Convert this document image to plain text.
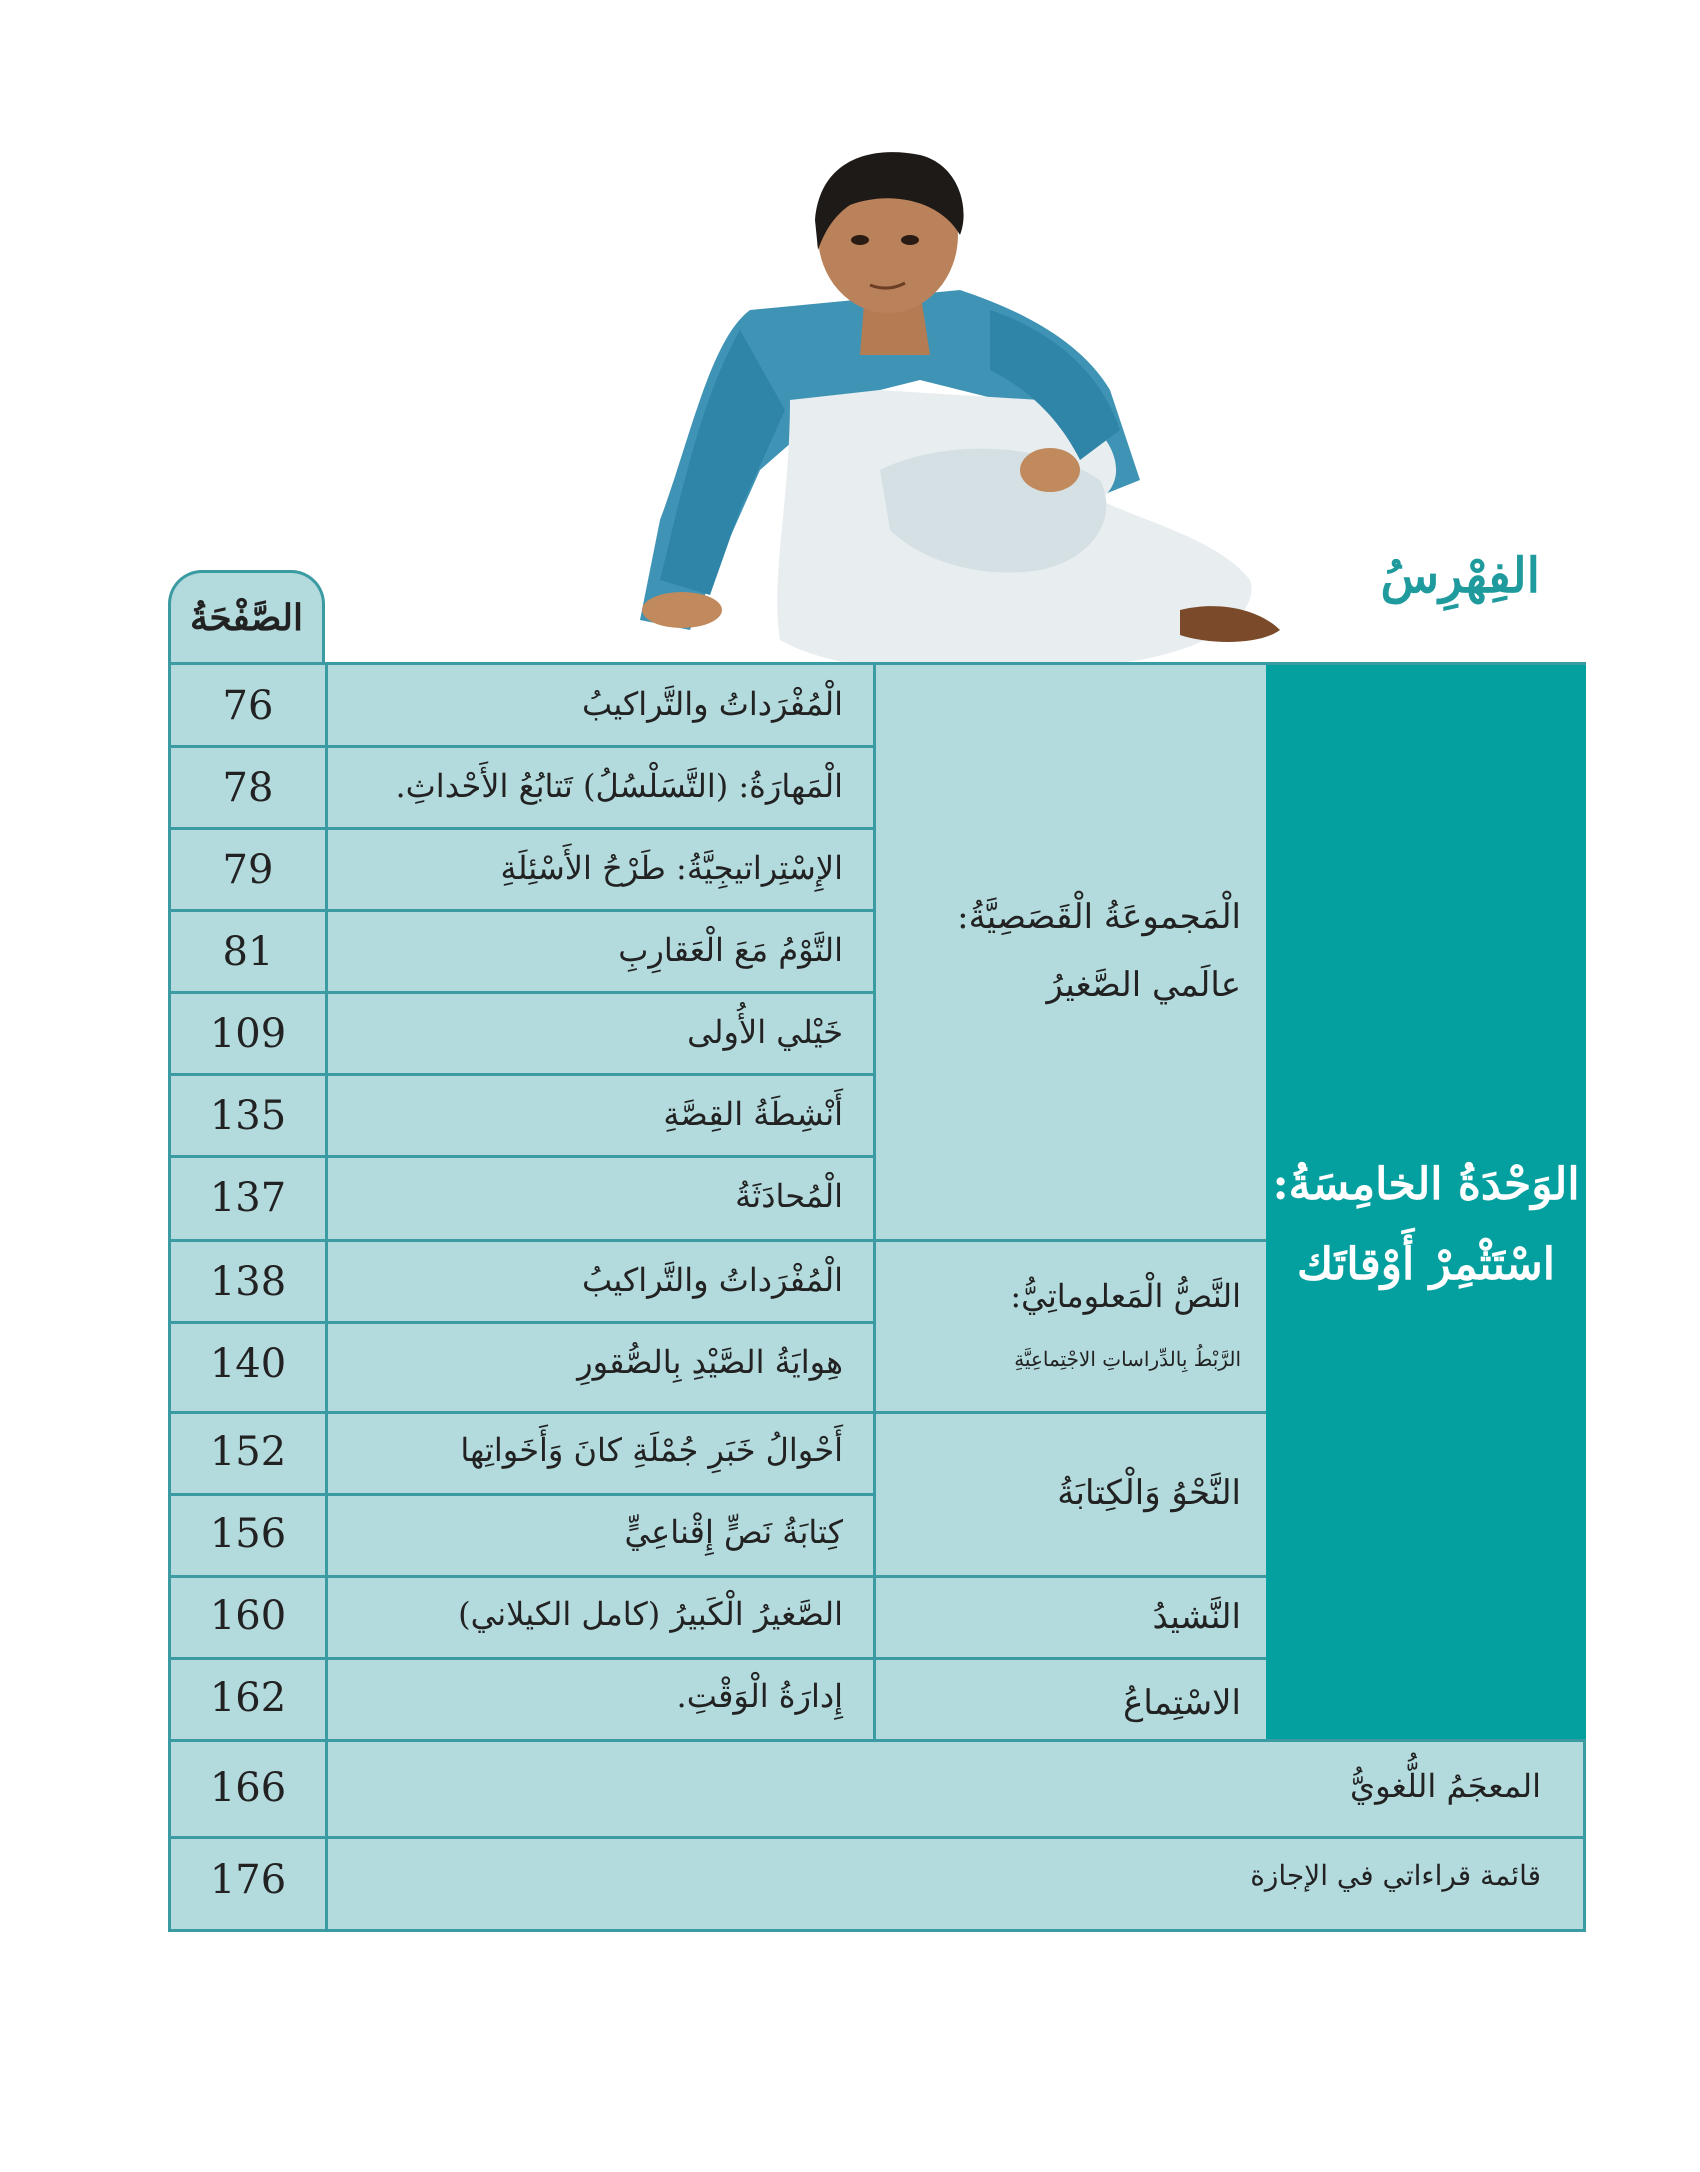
الفِهْرِسُ
الصَّفْحَةُ
الوَحْدَةُ الخامِسَةُ:
اسْتَثْمِرْ أَوْقاتَك
76
78
79
81
109
135
137
138
140
152
156
160
162
166
176
الْمُفْرَداتُ والتَّراكيبُ
الْمَهارَةُ: (التَّسَلْسُلُ) تَتابُعُ الأَحْداثِ.
الإِسْتِراتيجِيَّةُ: طَرْحُ الأَسْئِلَةِ
التَّوْمُ مَعَ الْعَقارِبِ
خَيْلي الأُولى
أَنْشِطَةُ القِصَّةِ
الْمُحادَثَةُ
الْمُفْرَداتُ والتَّراكيبُ
هِوايَةُ الصَّيْدِ بِالصُّقورِ
أَحْوالُ خَبَرِ جُمْلَةِ كانَ وَأَخَواتِها
كِتابَةُ نَصٍّ إِقْناعِيٍّ
الصَّغيرُ الْكَبيرُ (كامل الكيلاني)
إِدارَةُ الْوَقْتِ.
المعجَمُ اللُّغويُّ
قائمة قراءاتي في الإجازة
الْمَجموعَةُ الْقَصَصِيَّةُ:
عالَمي الصَّغيرُ
النَّصُّ الْمَعلوماتِيُّ:
الرَّبْطُ بِالدِّراساتِ الاجْتِماعِيَّةِ
النَّحْوُ وَالْكِتابَةُ
النَّشيدُ
الاسْتِماعُ
